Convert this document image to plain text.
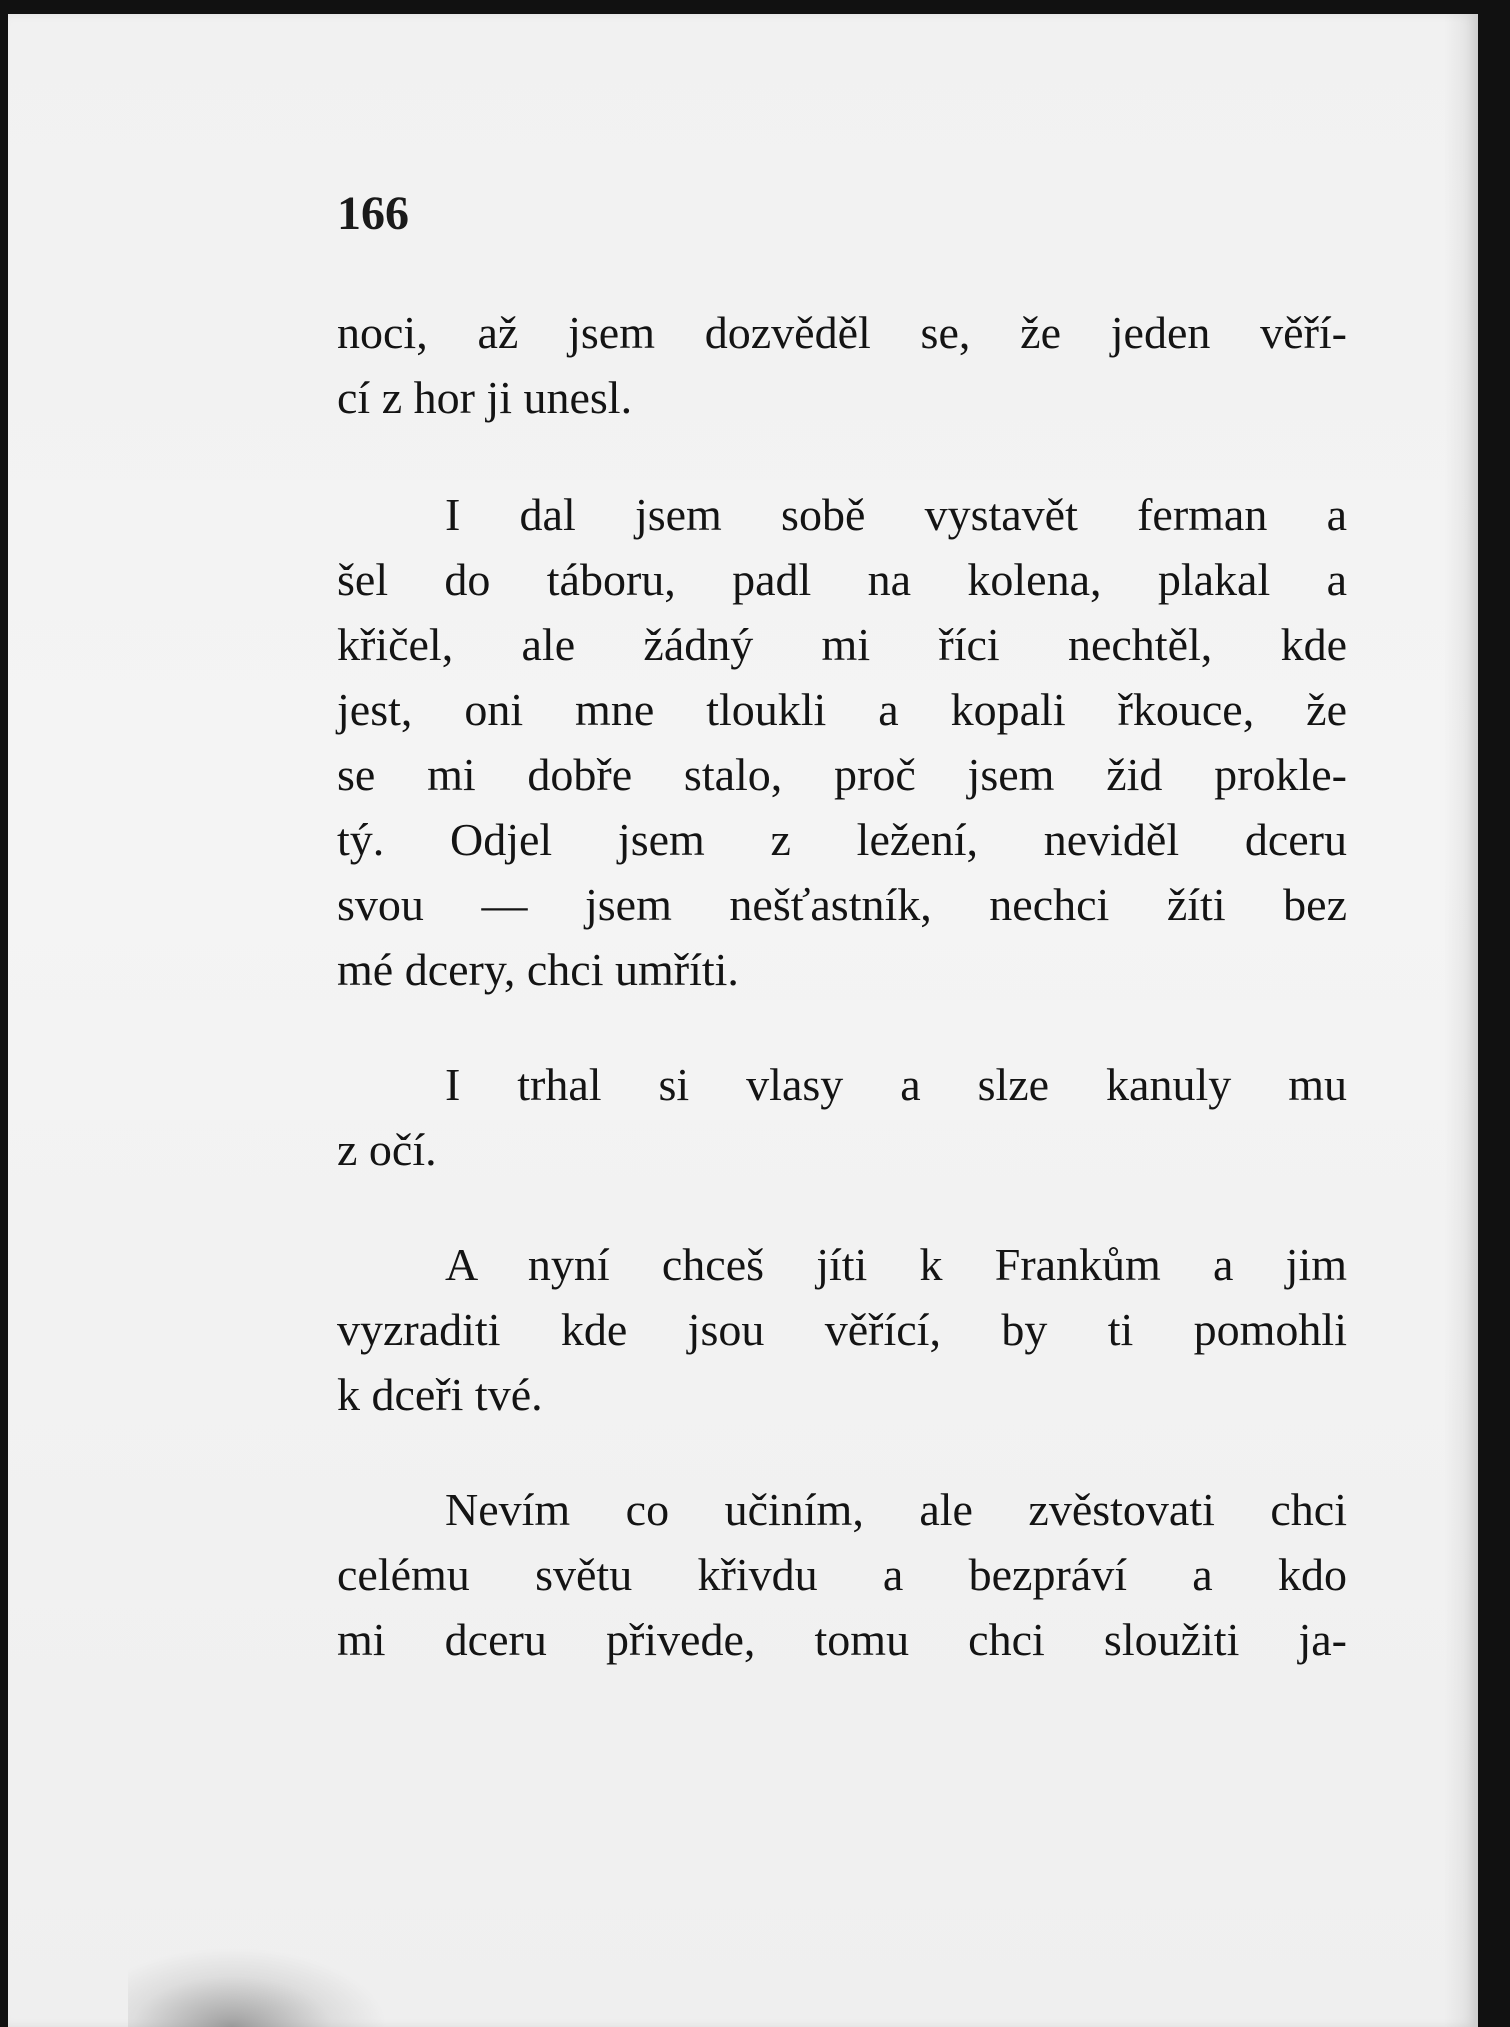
166
noci, až jsem dozvěděl se, že jeden věří-
cí z hor ji unesl.
I dal jsem sobě vystavět ferman a
šel do táboru, padl na kolena, plakal a
křičel, ale žádný mi říci nechtěl, kde
jest, oni mne tloukli a kopali řkouce, že
se mi dobře stalo, proč jsem žid prokle-
tý. Odjel jsem z ležení, neviděl dceru
svou — jsem nešťastník, nechci žíti bez
mé dcery, chci umříti.
I trhal si vlasy a slze kanuly mu
z očí.
A nyní chceš jíti k Frankům a jim
vyzraditi kde jsou věřící, by ti pomohli
k dceři tvé.
Nevím co učiním, ale zvěstovati chci
celému světu křivdu a bezpráví a kdo
mi dceru přivede, tomu chci sloužiti ja-
